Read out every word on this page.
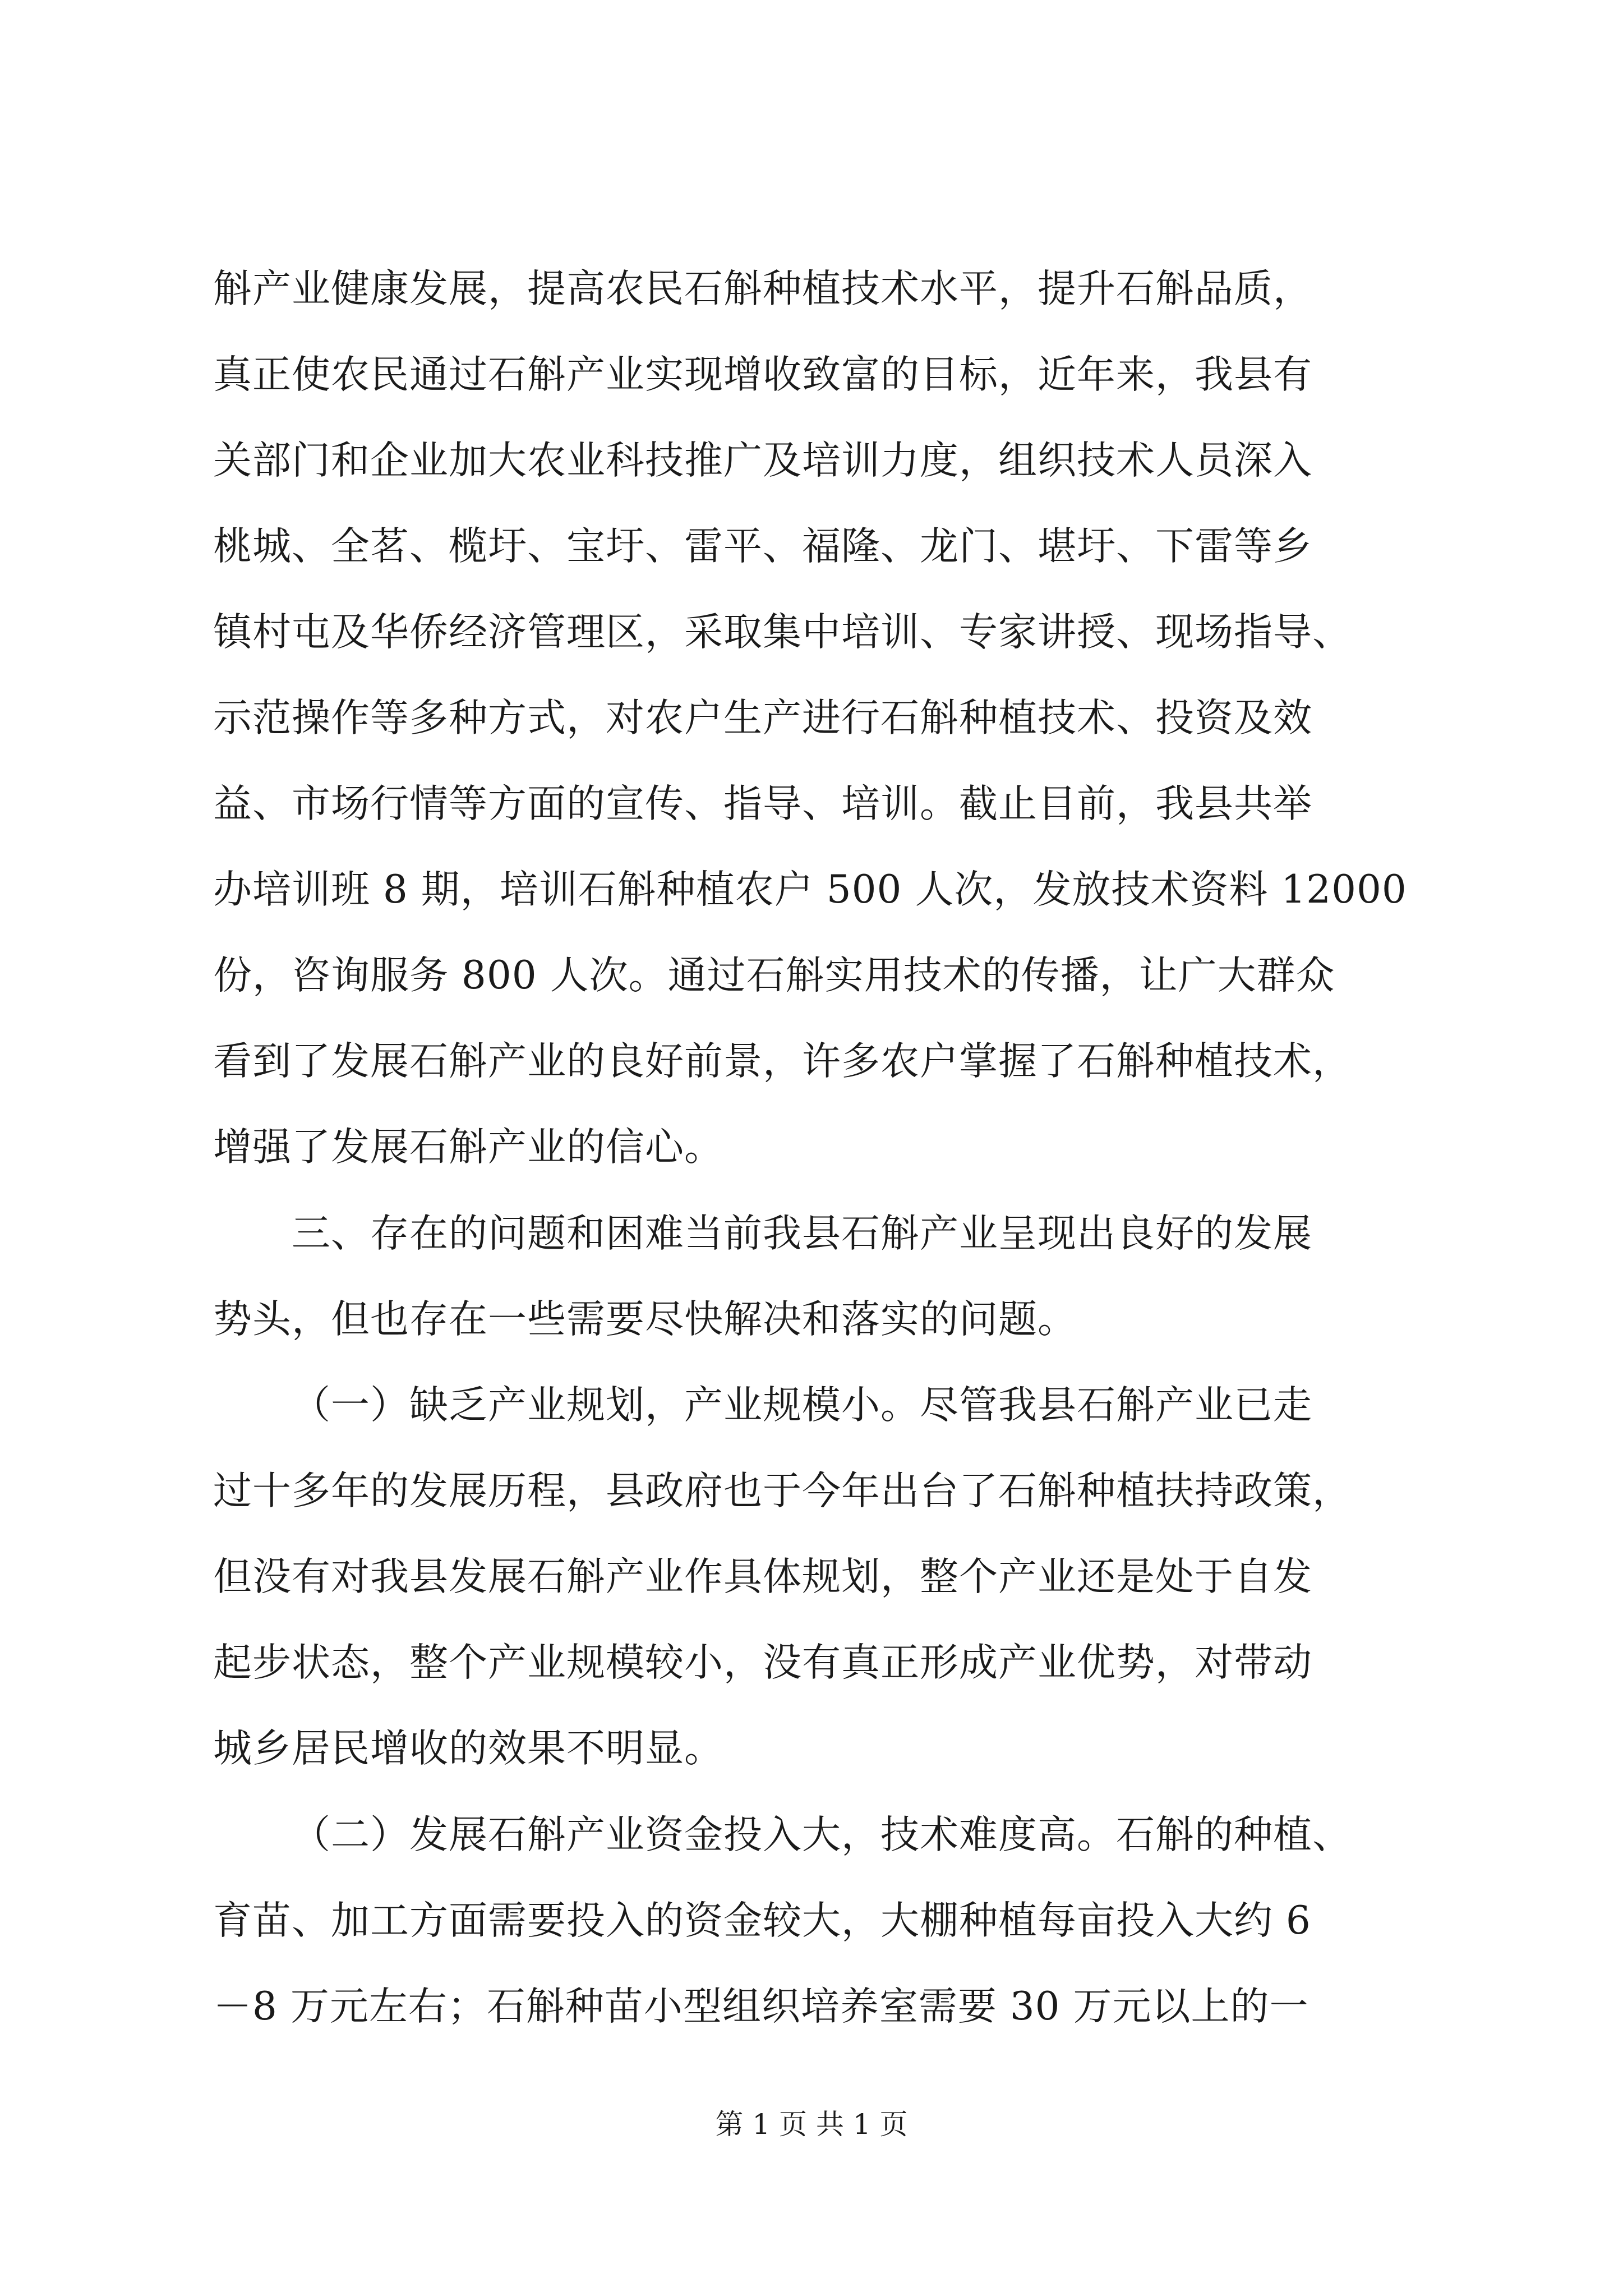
斛产业健康发展，提高农民石斛种植技术水平，提升石斛品质，
真正使农民通过石斛产业实现增收致富的目标，近年来，我县有
关部门和企业加大农业科技推广及培训力度，组织技术人员深入
桃城、全茗、榄圩、宝圩、雷平、福隆、龙门、堪圩、下雷等乡
镇村屯及华侨经济管理区，采取集中培训、专家讲授、现场指导、
示范操作等多种方式，对农户生产进行石斛种植技术、投资及效
益、市场行情等方面的宣传、指导、培训。截止目前，我县共举
办培训班 8 期，培训石斛种植农户 500 人次，发放技术资料 12000
份，咨询服务 800 人次。通过石斛实用技术的传播，让广大群众
看到了发展石斛产业的良好前景，许多农户掌握了石斛种植技术，
增强了发展石斛产业的信心。
三、存在的问题和困难当前我县石斛产业呈现出良好的发展
势头，但也存在一些需要尽快解决和落实的问题。
（一）缺乏产业规划，产业规模小。尽管我县石斛产业已走
过十多年的发展历程，县政府也于今年出台了石斛种植扶持政策，
但没有对我县发展石斛产业作具体规划，整个产业还是处于自发
起步状态，整个产业规模较小，没有真正形成产业优势，对带动
城乡居民增收的效果不明显。
（二）发展石斛产业资金投入大，技术难度高。石斛的种植、
育苗、加工方面需要投入的资金较大，大棚种植每亩投入大约 6
－8 万元左右；石斛种苗小型组织培养室需要 30 万元以上的一
第 1 页 共 1 页
